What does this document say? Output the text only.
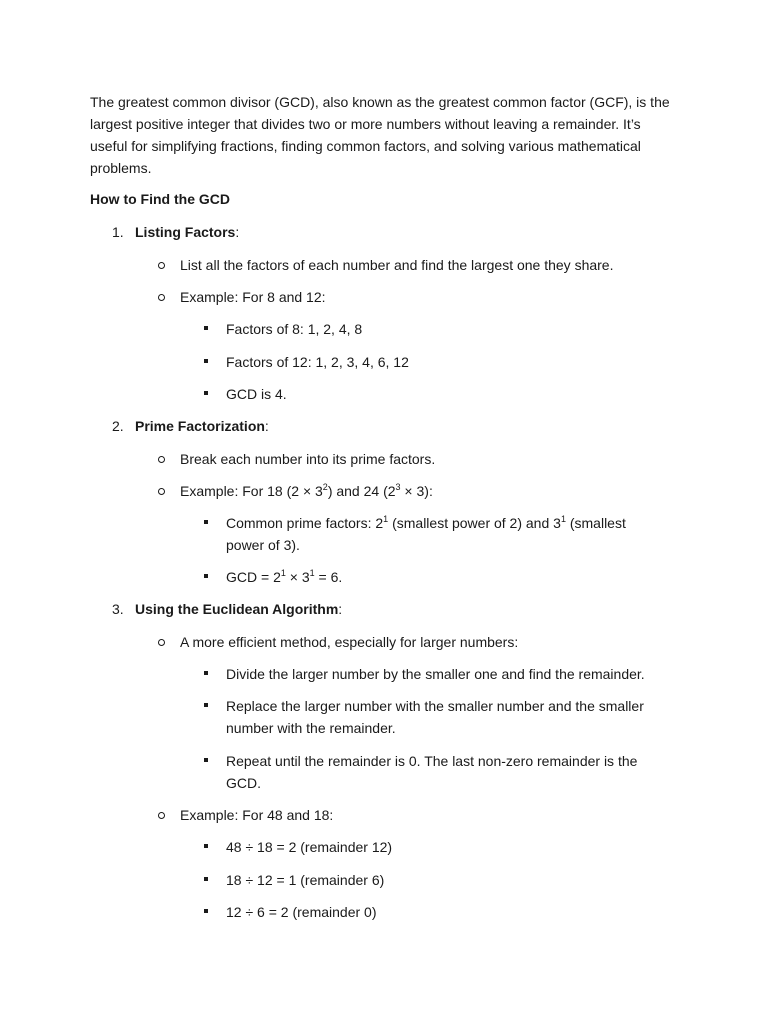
The greatest common divisor (GCD), also known as the greatest common factor (GCF), is the largest positive integer that divides two or more numbers without leaving a remainder. It’s useful for simplifying fractions, finding common factors, and solving various mathematical problems.
How to Find the GCD
1. Listing Factors:
List all the factors of each number and find the largest one they share.
Example: For 8 and 12:
Factors of 8: 1, 2, 4, 8
Factors of 12: 1, 2, 3, 4, 6, 12
GCD is 4.
2. Prime Factorization:
Break each number into its prime factors.
Example: For 18 $(2 \times 3^2)$ and 24 $(2^3 \times 3)$:
Common prime factors: $2^1$ (smallest power of 2) and $3^1$ (smallest power of 3).
GCD = $2^1 \times 3^1 = 6$.
3. Using the Euclidean Algorithm:
A more efficient method, especially for larger numbers:
Divide the larger number by the smaller one and find the remainder.
Replace the larger number with the smaller number and the smaller number with the remainder.
Repeat until the remainder is 0. The last non-zero remainder is the GCD.
Example: For 48 and 18:
48 ÷ 18 = 2 (remainder 12)
18 ÷ 12 = 1 (remainder 6)
12 ÷ 6 = 2 (remainder 0)
